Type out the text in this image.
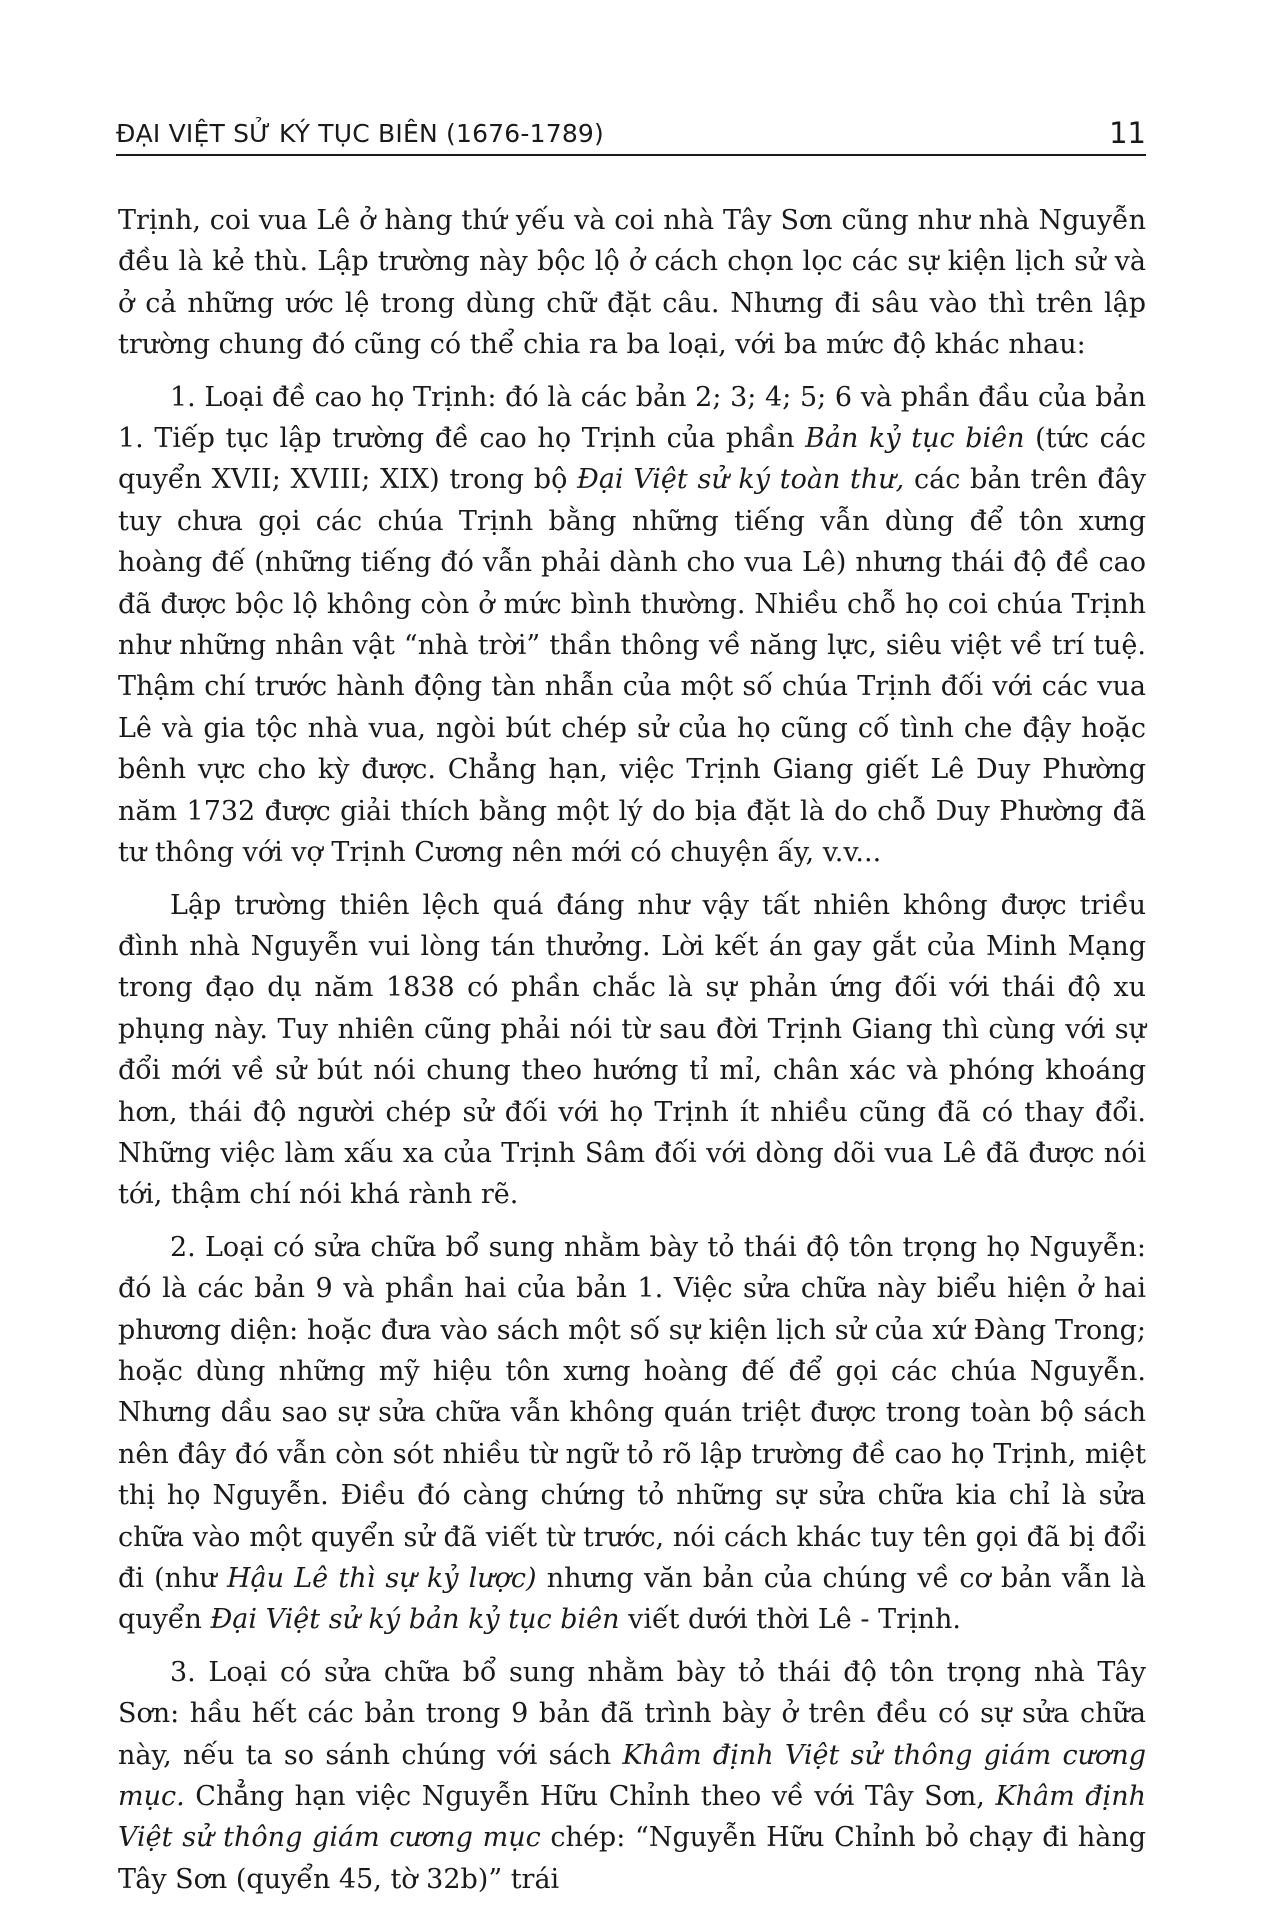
ĐẠI VIỆT SỬ KÝ TỤC BIÊN (1676-1789)	11

Trịnh, coi vua Lê ở hàng thứ yếu và coi nhà Tây Sơn cũng như nhà Nguyễn đều là kẻ thù. Lập trường này bộc lộ ở cách chọn lọc các sự kiện lịch sử và ở cả những ước lệ trong dùng chữ đặt câu. Nhưng đi sâu vào thì trên lập trường chung đó cũng có thể chia ra ba loại, với ba mức độ khác nhau:

1. Loại đề cao họ Trịnh: đó là các bản 2; 3; 4; 5; 6 và phần đầu của bản 1. Tiếp tục lập trường đề cao họ Trịnh của phần Bản kỷ tục biên (tức các quyển XVII; XVIII; XIX) trong bộ Đại Việt sử ký toàn thư, các bản trên đây tuy chưa gọi các chúa Trịnh bằng những tiếng vẫn dùng để tôn xưng hoàng đế (những tiếng đó vẫn phải dành cho vua Lê) nhưng thái độ đề cao đã được bộc lộ không còn ở mức bình thường. Nhiều chỗ họ coi chúa Trịnh như những nhân vật “nhà trời” thần thông về năng lực, siêu việt về trí tuệ. Thậm chí trước hành động tàn nhẫn của một số chúa Trịnh đối với các vua Lê và gia tộc nhà vua, ngòi bút chép sử của họ cũng cố tình che đậy hoặc bênh vực cho kỳ được. Chẳng hạn, việc Trịnh Giang giết Lê Duy Phường năm 1732 được giải thích bằng một lý do bịa đặt là do chỗ Duy Phường đã tư thông với vợ Trịnh Cương nên mới có chuyện ấy, v.v...

Lập trường thiên lệch quá đáng như vậy tất nhiên không được triều đình nhà Nguyễn vui lòng tán thưởng. Lời kết án gay gắt của Minh Mạng trong đạo dụ năm 1838 có phần chắc là sự phản ứng đối với thái độ xu phụng này. Tuy nhiên cũng phải nói từ sau đời Trịnh Giang thì cùng với sự đổi mới về sử bút nói chung theo hướng tỉ mỉ, chân xác và phóng khoáng hơn, thái độ người chép sử đối với họ Trịnh ít nhiều cũng đã có thay đổi. Những việc làm xấu xa của Trịnh Sâm đối với dòng dõi vua Lê đã được nói tới, thậm chí nói khá rành rẽ.

2. Loại có sửa chữa bổ sung nhằm bày tỏ thái độ tôn trọng họ Nguyễn: đó là các bản 9 và phần hai của bản 1. Việc sửa chữa này biểu hiện ở hai phương diện: hoặc đưa vào sách một số sự kiện lịch sử của xứ Đàng Trong; hoặc dùng những mỹ hiệu tôn xưng hoàng đế để gọi các chúa Nguyễn. Nhưng dầu sao sự sửa chữa vẫn không quán triệt được trong toàn bộ sách nên đây đó vẫn còn sót nhiều từ ngữ tỏ rõ lập trường đề cao họ Trịnh, miệt thị họ Nguyễn. Điều đó càng chứng tỏ những sự sửa chữa kia chỉ là sửa chữa vào một quyển sử đã viết từ trước, nói cách khác tuy tên gọi đã bị đổi đi (như Hậu Lê thì sự kỷ lược) nhưng văn bản của chúng về cơ bản vẫn là quyển Đại Việt sử ký bản kỷ tục biên viết dưới thời Lê - Trịnh.

3. Loại có sửa chữa bổ sung nhằm bày tỏ thái độ tôn trọng nhà Tây Sơn: hầu hết các bản trong 9 bản đã trình bày ở trên đều có sự sửa chữa này, nếu ta so sánh chúng với sách Khâm định Việt sử thông giám cương mục. Chẳng hạn việc Nguyễn Hữu Chỉnh theo về với Tây Sơn, Khâm định Việt sử thông giám cương mục chép: “Nguyễn Hữu Chỉnh bỏ chạy đi hàng Tây Sơn (quyển 45, tờ 32b)” trái
